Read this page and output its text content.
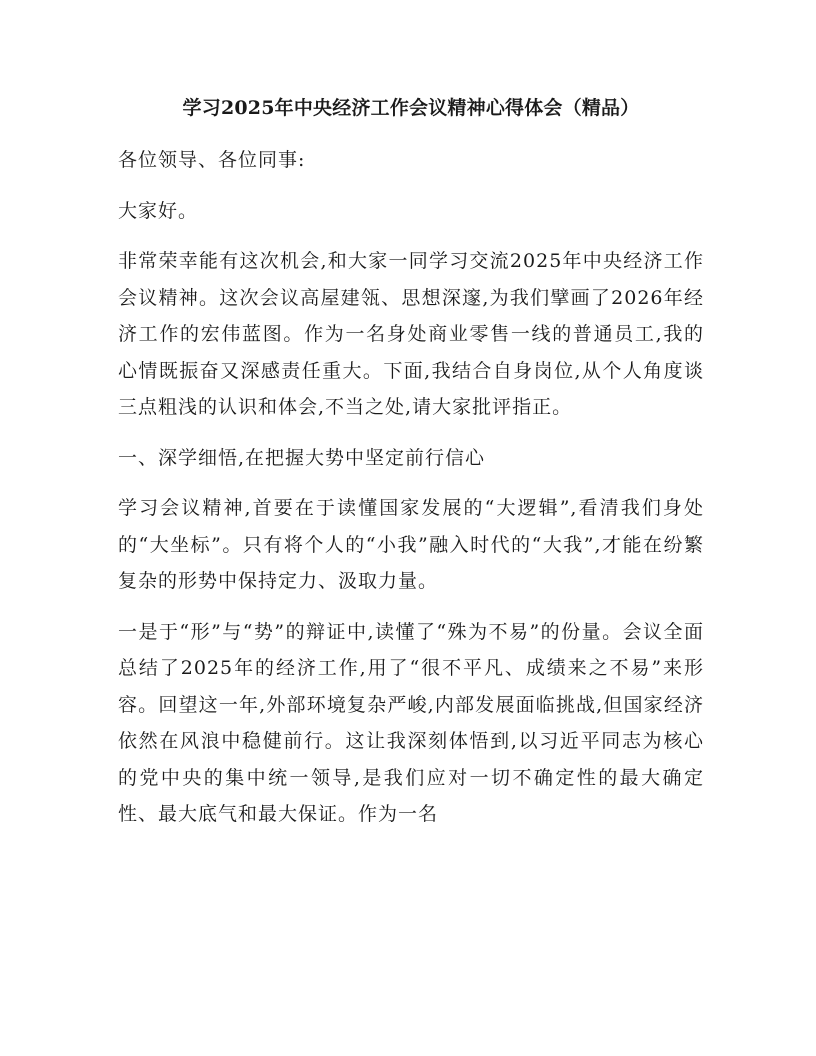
学习2025年中央经济工作会议精神心得体会（精品）

各位领导、各位同事:

大家好。

非常荣幸能有这次机会,和大家一同学习交流2025年中央经济工作会议精神。这次会议高屋建瓴、思想深邃,为我们擘画了2026年经济工作的宏伟蓝图。作为一名身处商业零售一线的普通员工,我的心情既振奋又深感责任重大。下面,我结合自身岗位,从个人角度谈三点粗浅的认识和体会,不当之处,请大家批评指正。

一、深学细悟,在把握大势中坚定前行信心

学习会议精神,首要在于读懂国家发展的“大逻辑”,看清我们身处的“大坐标”。只有将个人的“小我”融入时代的“大我”,才能在纷繁复杂的形势中保持定力、汲取力量。

一是于“形”与“势”的辩证中,读懂了“殊为不易”的份量。会议全面总结了2025年的经济工作,用了“很不平凡、成绩来之不易”来形容。回望这一年,外部环境复杂严峻,内部发展面临挑战,但国家经济依然在风浪中稳健前行。这让我深刻体悟到,以习近平同志为核心的党中央的集中统一领导,是我们应对一切不确定性的最大确定性、最大底气和最大保证。作为一名
